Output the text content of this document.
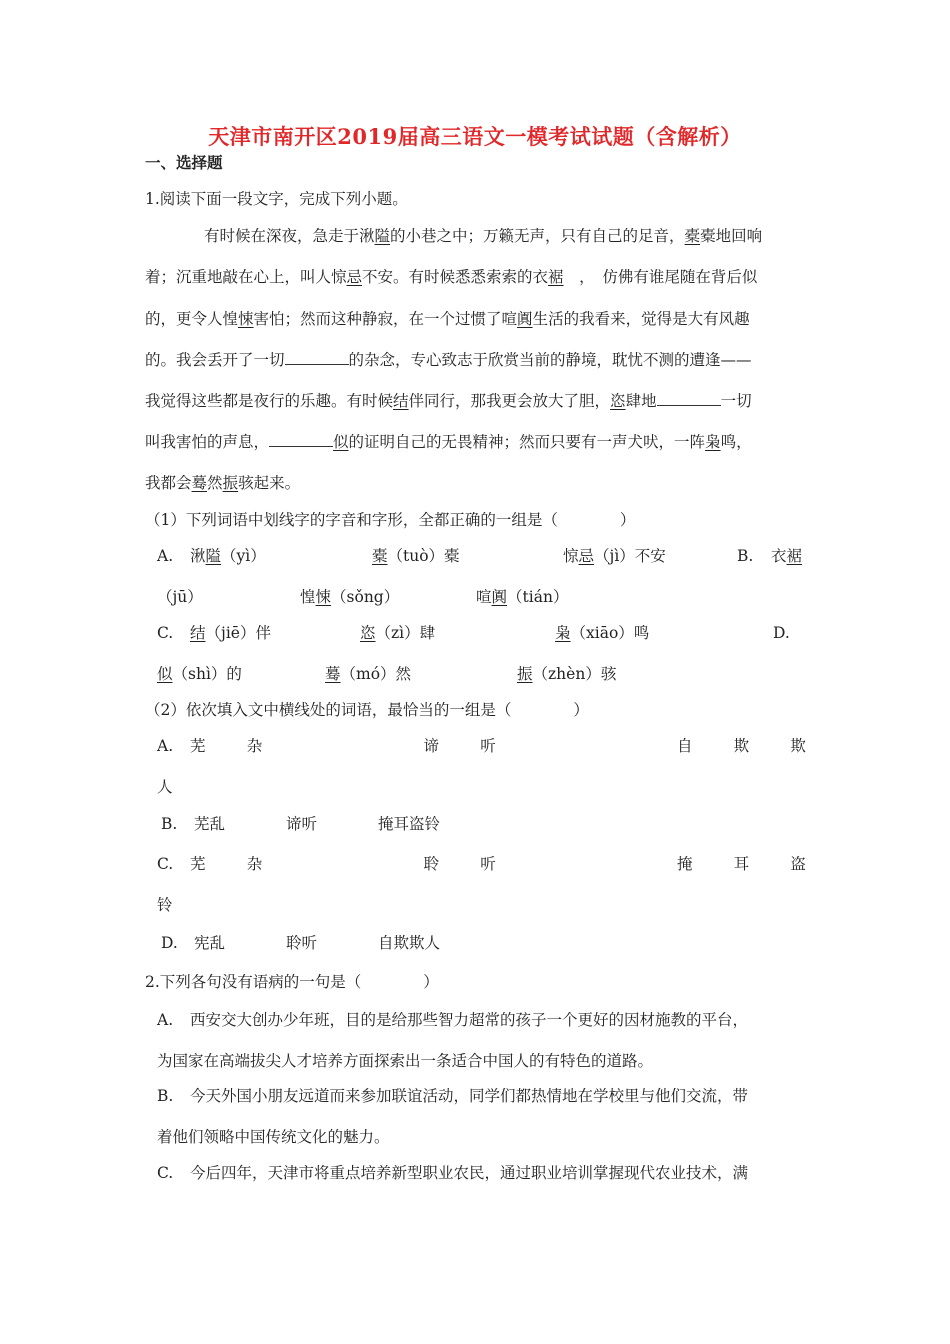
天津市南开区2019届高三语文一模考试试题（含解析）
一、选择题
1.阅读下面一段文字，完成下列小题。
有时候在深夜，急走于湫隘的小巷之中；万籁无声，只有自己的足音，橐橐地回响
着；沉重地敲在心上，叫人惊忌不安。有时候悉悉索索的衣裾　，　仿佛有谁尾随在背后似
的，更令人惶悚害怕；然而这种静寂，在一个过惯了喧阗生活的我看来，觉得是大有风趣
的。我会丢开了一切	的杂念，专心致志于欣赏当前的静境，耽忧不测的遭逢——
我觉得这些都是夜行的乐趣。有时候结伴同行，那我更会放大了胆，恣肆地	一切
叫我害怕的声息，	似的证明自己的无畏精神；然而只要有一声犬吠，一阵枭鸣，
我都会蓦然振骇起来。
（1）下列词语中划线字的字音和字形，全都正确的一组是（　　　　）
A. 湫隘（yì）	橐（tuò）橐	惊忌（jì）不安	B. 衣裾
（jū）	惶悚（sǒng）	喧阗（tián）
C. 结（jiē）伴	恣（zì）肆	枭（xiāo）鸣	D.
似（shì）的	蓦（mó）然	振（zhèn）骇
（2）依次填入文中横线处的词语，最恰当的一组是（　　　　）
A. 芜	杂	谛	听	自	欺	欺
人
B. 芜乱	谛听	掩耳盗铃
C. 芜	杂	聆	听	掩	耳	盗
铃
D. 宪乱	聆听	自欺欺人
2.下列各句没有语病的一句是（　　　　）
A. 西安交大创办少年班，目的是给那些智力超常的孩子一个更好的因材施教的平台，
为国家在高端拔尖人才培养方面探索出一条适合中国人的有特色的道路。
B. 今天外国小朋友远道而来参加联谊活动，同学们都热情地在学校里与他们交流，带
着他们领略中国传统文化的魅力。
C. 今后四年，天津市将重点培养新型职业农民，通过职业培训掌握现代农业技术，满
